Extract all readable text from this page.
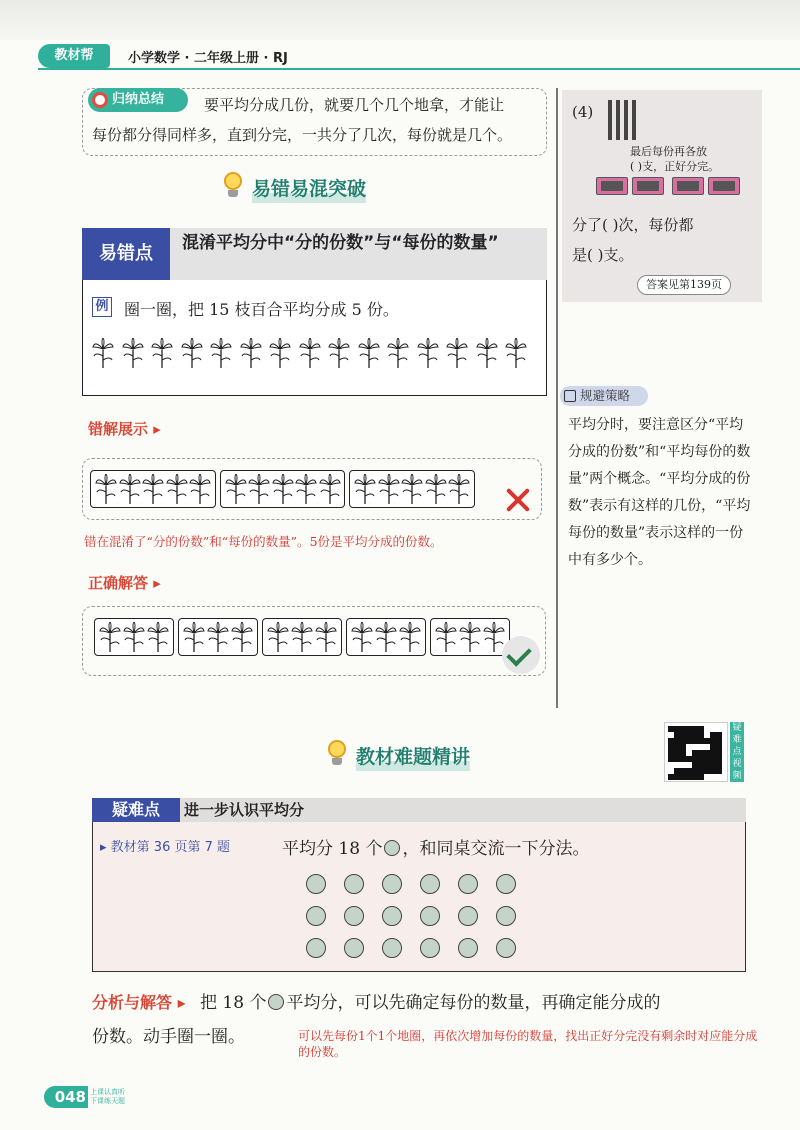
教材帮	小学数学 · 二年级上册 · RJ
归纳总结	要平均分成几份，就要几个几个地拿，才能让
每份都分得同样多，直到分完，一共分了几次，每份就是几个。
易错易混突破
易错点	混淆平均分中“分的份数”与“每份的数量”
例 圈一圈，把 15 枝百合平均分成 5 份。
错解展示 ▸
错在混淆了“分的份数”和“每份的数量”。5份是平均分成的份数。
正确解答 ▸
(4)
最后每份再各放
( )支，正好分完。
分了( )次，每份都
是( )支。
答案见第139页
规避策略
平均分时，要注意区分“平均分成的份数”和“平均每份的数量”两个概念。“平均分成的份数”表示有这样的几份，“平均每份的数量”表示这样的一份中有多少个。
教材难题精讲
疑难点视频课
疑难点	进一步认识平均分
▸ 教材第 36 页第 7 题	平均分 18 个 ，和同桌交流一下分法。
分析与解答 ▸ 把 18 个 平均分，可以先确定每份的数量，再确定能分成的
份数。动手圈一圈。	可以先每份1个1个地圈，再依次增加每份的数量，找出正好分完没有剩余时对应能分成的份数。
048 上课认真听 下课练天题
